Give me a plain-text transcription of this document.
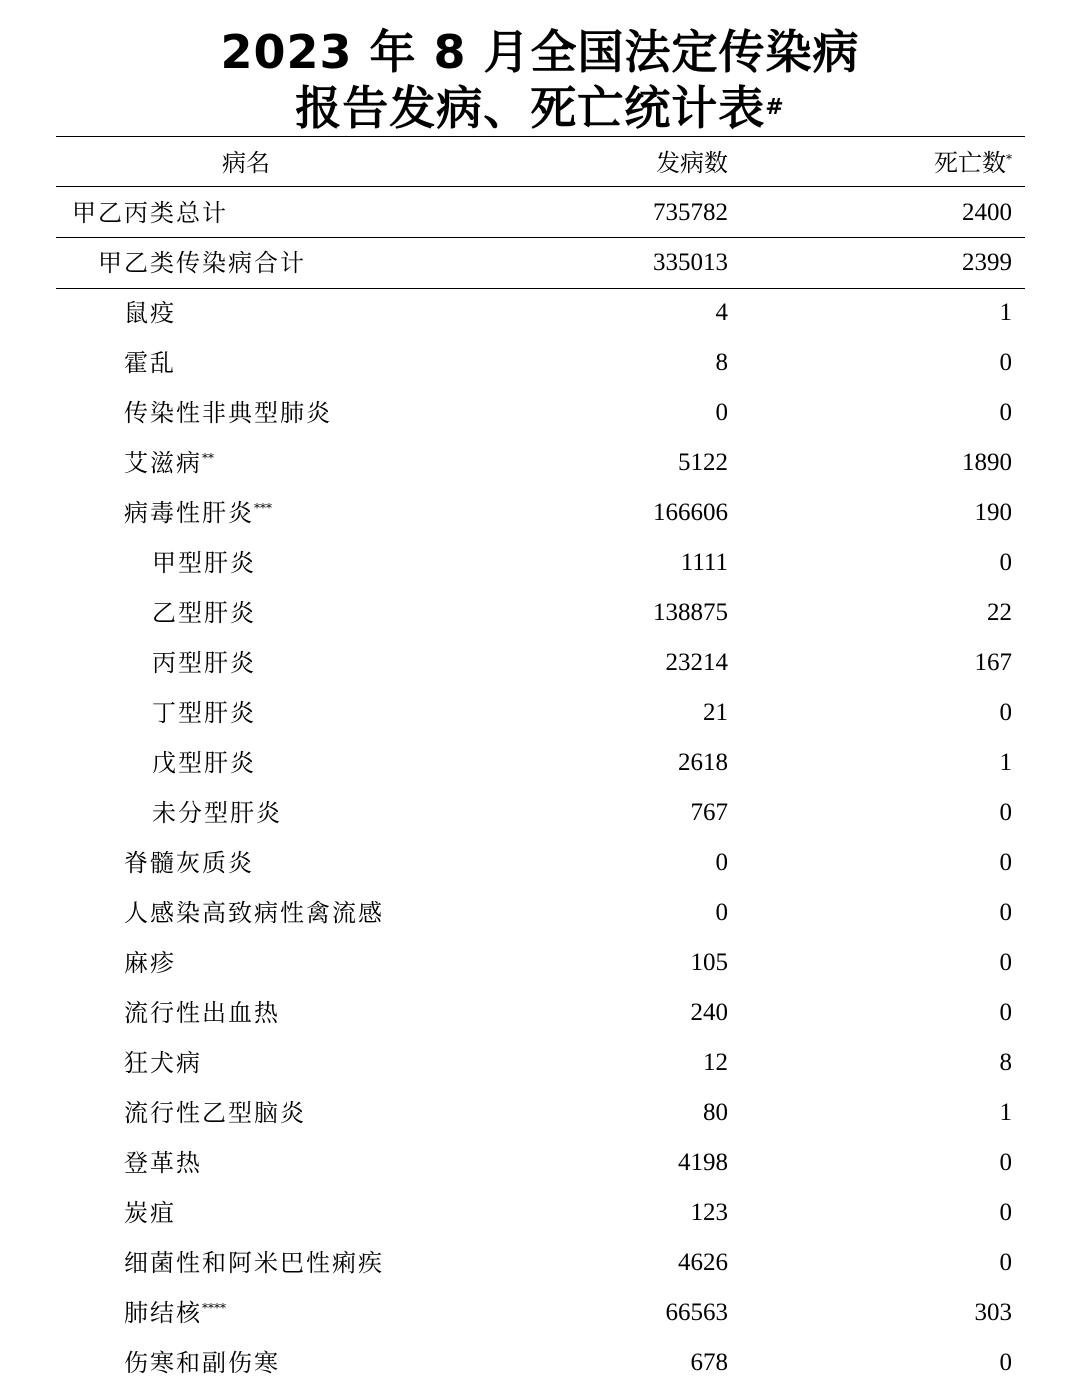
2023 年 8 月全国法定传染病
报告发病、死亡统计表#
病名	发病数	死亡数*
甲乙丙类总计	735782	2400
甲乙类传染病合计	335013	2399
鼠疫	4	1
霍乱	8	0
传染性非典型肺炎	0	0
艾滋病**	5122	1890
病毒性肝炎***	166606	190
甲型肝炎	1111	0
乙型肝炎	138875	22
丙型肝炎	23214	167
丁型肝炎	21	0
戊型肝炎	2618	1
未分型肝炎	767	0
脊髓灰质炎	0	0
人感染高致病性禽流感	0	0
麻疹	105	0
流行性出血热	240	0
狂犬病	12	8
流行性乙型脑炎	80	1
登革热	4198	0
炭疽	123	0
细菌性和阿米巴性痢疾	4626	0
肺结核****	66563	303
伤寒和副伤寒	678	0
